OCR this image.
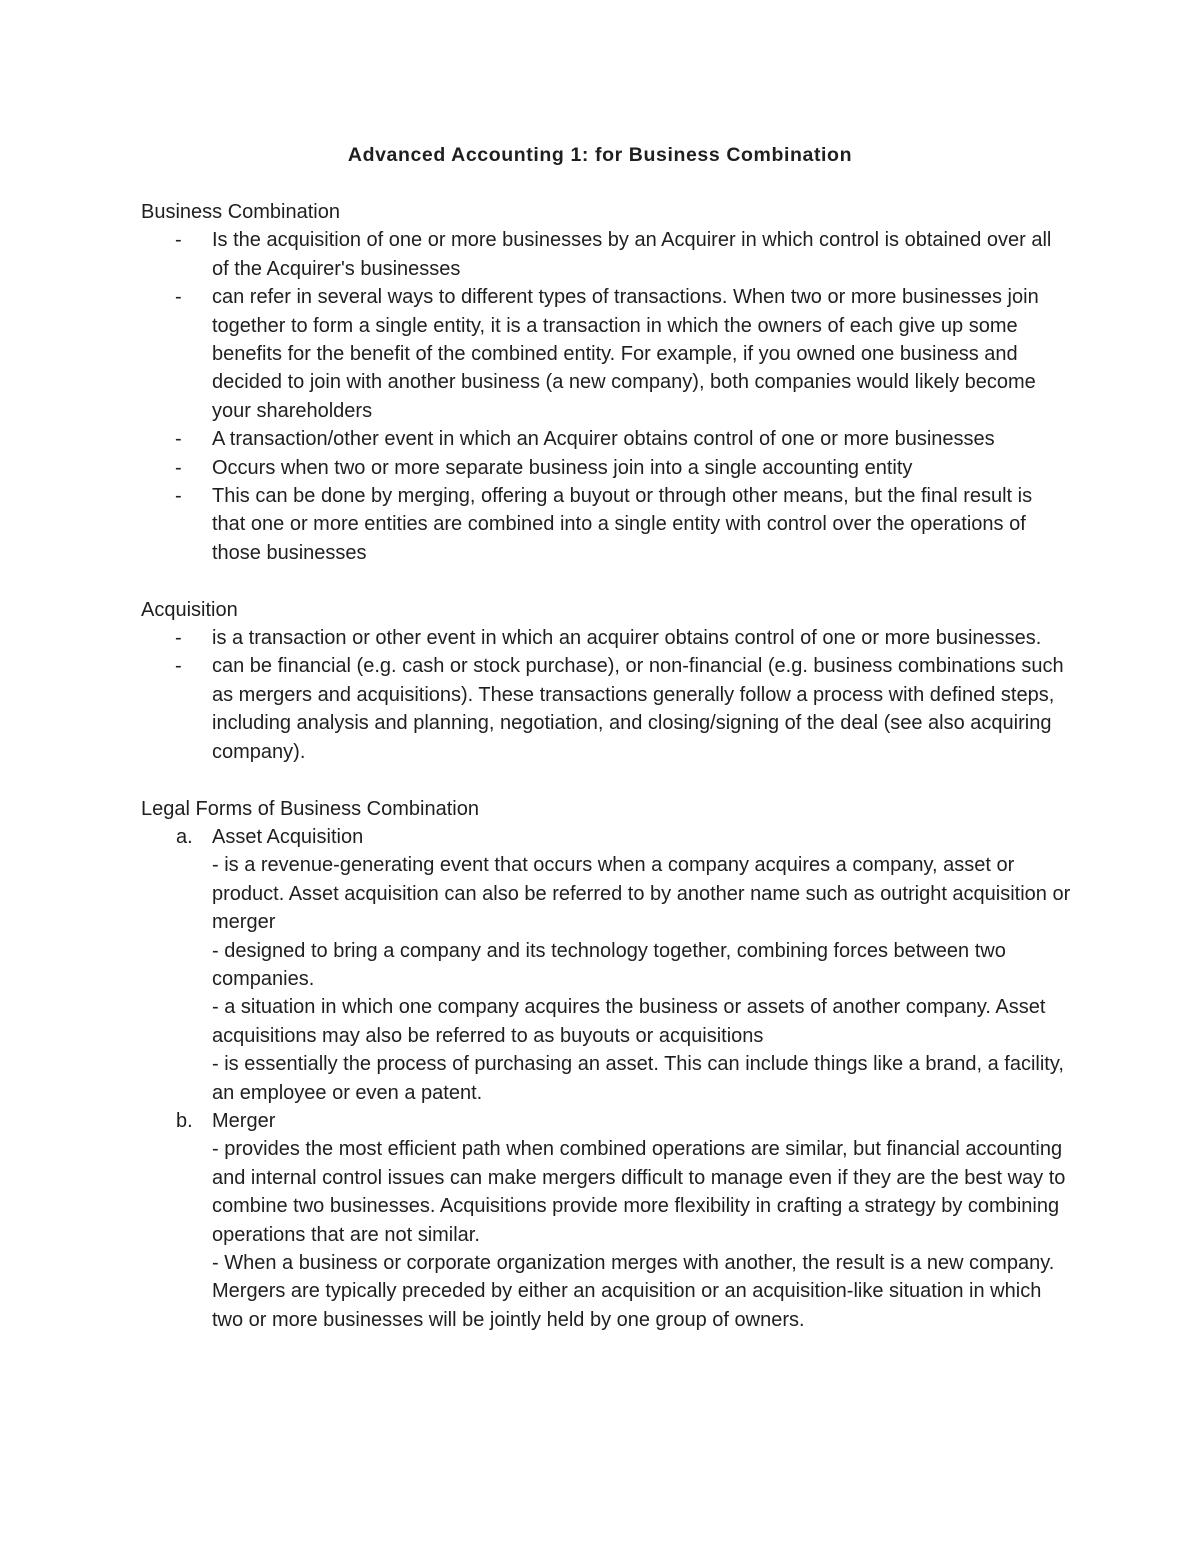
Advanced Accounting 1: for Business Combination

Business Combination

- Is the acquisition of one or more businesses by an Acquirer in which control is obtained over all of the Acquirer's businesses
- can refer in several ways to different types of transactions. When two or more businesses join together to form a single entity, it is a transaction in which the owners of each give up some benefits for the benefit of the combined entity. For example, if you owned one business and decided to join with another business (a new company), both companies would likely become your shareholders
- A transaction/other event in which an Acquirer obtains control of one or more businesses
- Occurs when two or more separate business join into a single accounting entity
- This can be done by merging, offering a buyout or through other means, but the final result is that one or more entities are combined into a single entity with control over the operations of those businesses

Acquisition

- is a transaction or other event in which an acquirer obtains control of one or more businesses.
- can be financial (e.g. cash or stock purchase), or non-financial (e.g. business combinations such as mergers and acquisitions). These transactions generally follow a process with defined steps, including analysis and planning, negotiation, and closing/signing of the deal (see also acquiring company).

Legal Forms of Business Combination

a. Asset Acquisition
- is a revenue-generating event that occurs when a company acquires a company, asset or product. Asset acquisition can also be referred to by another name such as outright acquisition or merger
- designed to bring a company and its technology together, combining forces between two companies.
- a situation in which one company acquires the business or assets of another company. Asset acquisitions may also be referred to as buyouts or acquisitions
- is essentially the process of purchasing an asset. This can include things like a brand, a facility, an employee or even a patent.
b. Merger
- provides the most efficient path when combined operations are similar, but financial accounting and internal control issues can make mergers difficult to manage even if they are the best way to combine two businesses. Acquisitions provide more flexibility in crafting a strategy by combining operations that are not similar.
- When a business or corporate organization merges with another, the result is a new company. Mergers are typically preceded by either an acquisition or an acquisition-like situation in which two or more businesses will be jointly held by one group of owners.
